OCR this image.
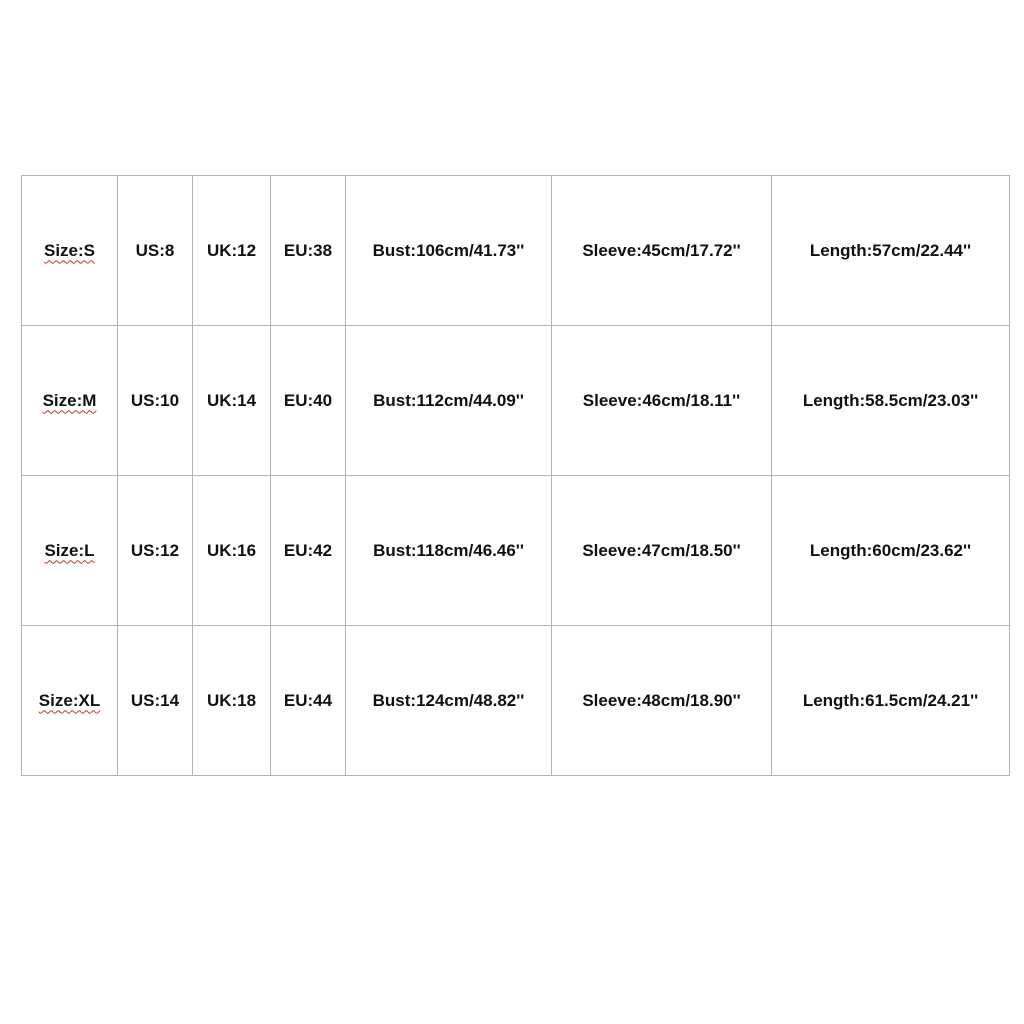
Size:S	US:8	UK:12	EU:38	Bust:106cm/41.73''	Sleeve:45cm/17.72''	Length:57cm/22.44''
Size:M	US:10	UK:14	EU:40	Bust:112cm/44.09''	Sleeve:46cm/18.11''	Length:58.5cm/23.03''
Size:L	US:12	UK:16	EU:42	Bust:118cm/46.46''	Sleeve:47cm/18.50''	Length:60cm/23.62''
Size:XL	US:14	UK:18	EU:44	Bust:124cm/48.82''	Sleeve:48cm/18.90''	Length:61.5cm/24.21''
